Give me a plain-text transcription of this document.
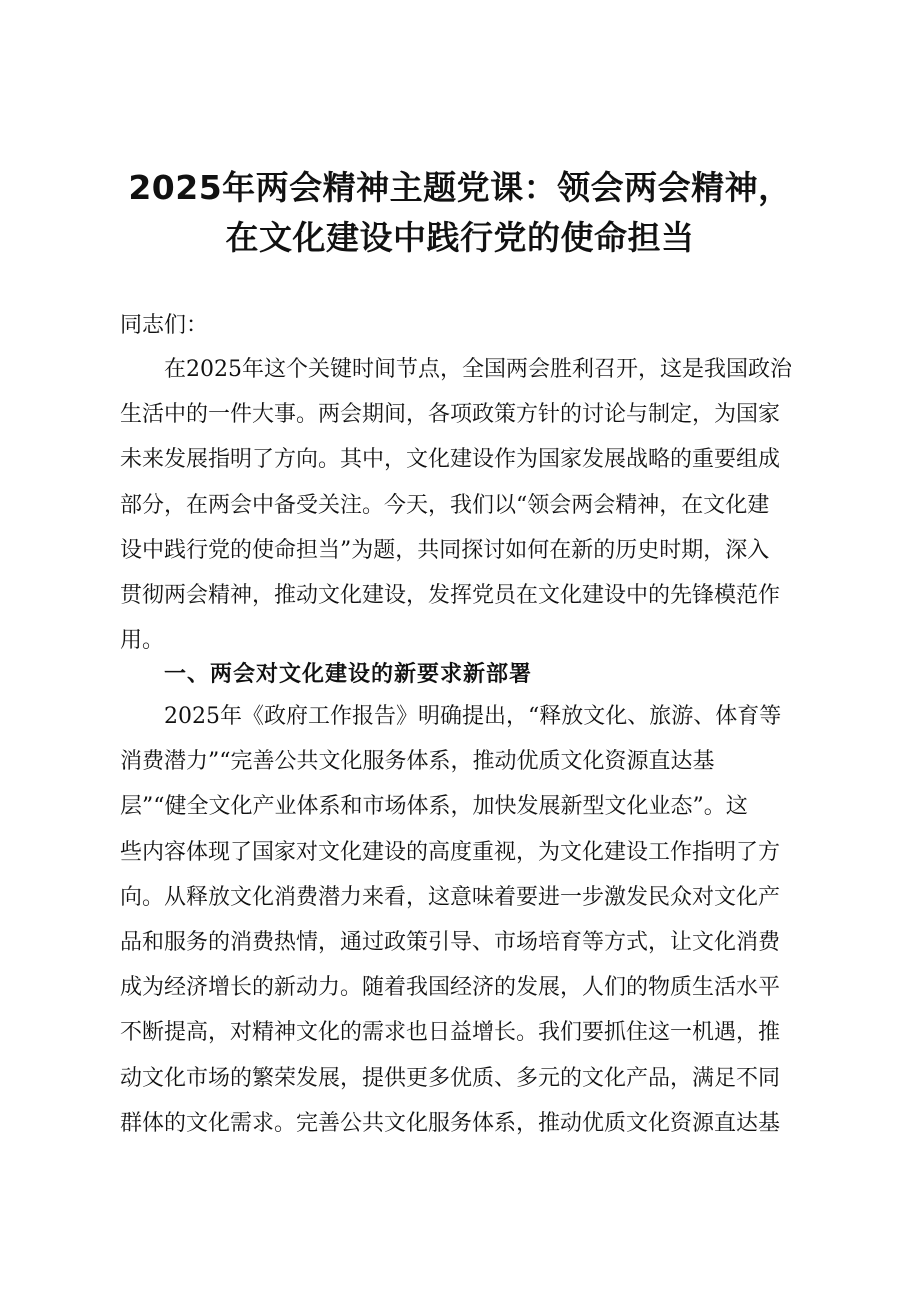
2025年两会精神主题党课：领会两会精神，
在文化建设中践行党的使命担当
同志们：
在2025年这个关键时间节点，全国两会胜利召开，这是我国政治
生活中的一件大事。两会期间，各项政策方针的讨论与制定，为国家
未来发展指明了方向。其中，文化建设作为国家发展战略的重要组成
部分，在两会中备受关注。今天，我们以“领会两会精神，在文化建
设中践行党的使命担当”为题，共同探讨如何在新的历史时期，深入
贯彻两会精神，推动文化建设，发挥党员在文化建设中的先锋模范作
用。
一、两会对文化建设的新要求新部署
2025年《政府工作报告》明确提出，“释放文化、旅游、体育等
消费潜力”“完善公共文化服务体系，推动优质文化资源直达基
层”“健全文化产业体系和市场体系，加快发展新型文化业态”。这
些内容体现了国家对文化建设的高度重视，为文化建设工作指明了方
向。从释放文化消费潜力来看，这意味着要进一步激发民众对文化产
品和服务的消费热情，通过政策引导、市场培育等方式，让文化消费
成为经济增长的新动力。随着我国经济的发展，人们的物质生活水平
不断提高，对精神文化的需求也日益增长。我们要抓住这一机遇，推
动文化市场的繁荣发展，提供更多优质、多元的文化产品，满足不同
群体的文化需求。完善公共文化服务体系，推动优质文化资源直达基
